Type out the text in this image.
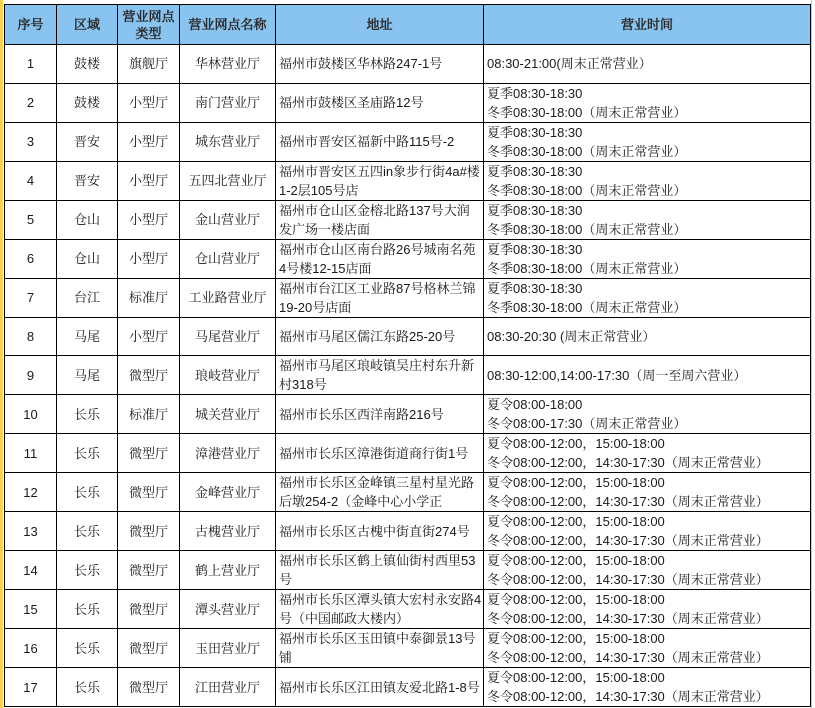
序号	区域	营业网点类型	营业网点名称	地址	营业时间
1	鼓楼	旗舰厅	华林营业厅	福州市鼓楼区华林路247-1号	08:30-21:00(周末正常营业）

2	鼓楼	小型厅	南门营业厅	福州市鼓楼区圣庙路12号	夏季08:30-18:30
冬季08:30-18:00（周末正常营业）

3	晋安	小型厅	城东营业厅	福州市晋安区福新中路115号-2	夏季08:30-18:30
冬季08:30-18:00（周末正常营业）

4	晋安	小型厅	五四北营业厅	福州市晋安区五四in象步行街4a#楼1-2层105号店	夏季08:30-18:30
冬季08:30-18:00（周末正常营业）

5	仓山	小型厅	金山营业厅	福州市仓山区金榕北路137号大润发广场一楼店面	夏季08:30-18:30
冬季08:30-18:00（周末正常营业）

6	仓山	小型厅	仓山营业厅	福州市仓山区南台路26号城南名苑4号楼12-15店面	夏季08:30-18:30
冬季08:30-18:00（周末正常营业）

7	台江	标准厅	工业路营业厅	福州市台江区工业路87号格林兰锦19-20号店面	夏季08:30-18:30
冬季08:30-18:00（周末正常营业）

8	马尾	小型厅	马尾营业厅	福州市马尾区儒江东路25-20号	08:30-20:30 (周末正常营业）

9	马尾	微型厅	琅岐营业厅	福州市马尾区琅岐镇吴庄村东升新村318号	08:30-12:00,14:00-17:30（周一至周六营业）

10	长乐	标准厅	城关营业厅	福州市长乐区西洋南路216号	夏令08:00-18:00
冬令08:00-17:30（周末正常营业）

11	长乐	微型厅	漳港营业厅	福州市长乐区漳港街道商行街1号	夏令08:00-12:00，15:00-18:00
冬令08:00-12:00，14:30-17:30（周末正常营业）

12	长乐	微型厅	金峰营业厅	福州市长乐区金峰镇三星村星光路后墩254-2（金峰中心小学正	夏令08:00-12:00，15:00-18:00
冬令08:00-12:00，14:30-17:30（周末正常营业）

13	长乐	微型厅	古槐营业厅	福州市长乐区古槐中街直街274号	夏令08:00-12:00，15:00-18:00
冬令08:00-12:00，14:30-17:30（周末正常营业）

14	长乐	微型厅	鹤上营业厅	福州市长乐区鹤上镇仙街村西里53号	夏令08:00-12:00，15:00-18:00
冬令08:00-12:00，14:30-17:30（周末正常营业）

15	长乐	微型厅	潭头营业厅	福州市长乐区潭头镇大宏村永安路4号（中国邮政大楼内）	夏令08:00-12:00，15:00-18:00
冬令08:00-12:00，14:30-17:30（周末正常营业）

16	长乐	微型厅	玉田营业厅	福州市长乐区玉田镇中泰御景13号铺	夏令08:00-12:00，15:00-18:00
冬令08:00-12:00，14:30-17:30（周末正常营业）

17	长乐	微型厅	江田营业厅	福州市长乐区江田镇友爱北路1-8号	夏令08:00-12:00，15:00-18:00
冬令08:00-12:00，14:30-17:30（周末正常营业）
